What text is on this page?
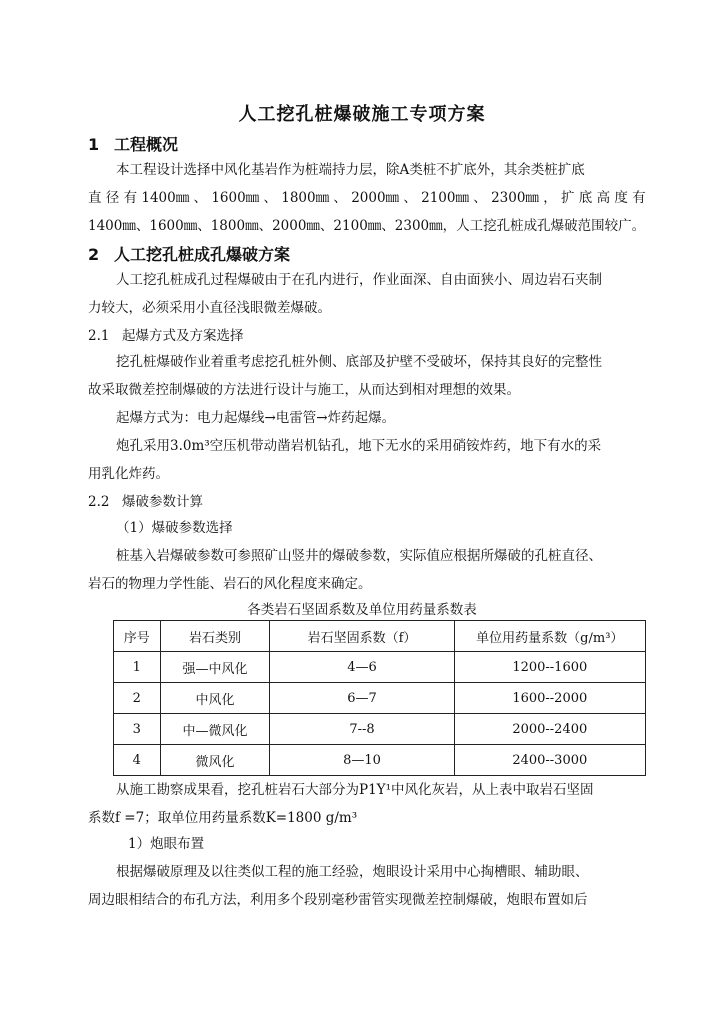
人工挖孔桩爆破施工专项方案
1 工程概况
本工程设计选择中风化基岩作为桩端持力层，除A类桩不扩底外，其余类桩扩底
直 径 有 1400㎜ 、 1600㎜ 、 1800㎜ 、 2000㎜ 、 2100㎜ 、 2300㎜ ， 扩 底 高 度 有
1400㎜、1600㎜、1800㎜、2000㎜、2100㎜、2300㎜，人工挖孔桩成孔爆破范围较广。
2 人工挖孔桩成孔爆破方案
人工挖孔桩成孔过程爆破由于在孔内进行，作业面深、自由面狭小、周边岩石夹制
力较大，必须采用小直径浅眼微差爆破。
2.1 起爆方式及方案选择
挖孔桩爆破作业着重考虑挖孔桩外侧、底部及护壁不受破坏，保持其良好的完整性
故采取微差控制爆破的方法进行设计与施工，从而达到相对理想的效果。
起爆方式为：电力起爆线→电雷管→炸药起爆。
炮孔采用3.0m³空压机带动凿岩机钻孔，地下无水的采用硝铵炸药，地下有水的采
用乳化炸药。
2.2 爆破参数计算
（1）爆破参数选择
桩基入岩爆破参数可参照矿山竖井的爆破参数，实际值应根据所爆破的孔桩直径、
岩石的物理力学性能、岩石的风化程度来确定。
各类岩石坚固系数及单位用药量系数表
序号	岩石类别	岩石坚固系数（f）	单位用药量系数（g/m³）
1	强—中风化	4—6	1200--1600
2	中风化	6—7	1600--2000
3	中—微风化	7--8	2000--2400
4	微风化	8—10	2400--3000
从施工勘察成果看，挖孔桩岩石大部分为P1Y¹中风化灰岩，从上表中取岩石坚固
系数f =7；取单位用药量系数K=1800 g/m³
1）炮眼布置
根据爆破原理及以往类似工程的施工经验，炮眼设计采用中心掏槽眼、辅助眼、
周边眼相结合的布孔方法，利用多个段别毫秒雷管实现微差控制爆破，炮眼布置如后
